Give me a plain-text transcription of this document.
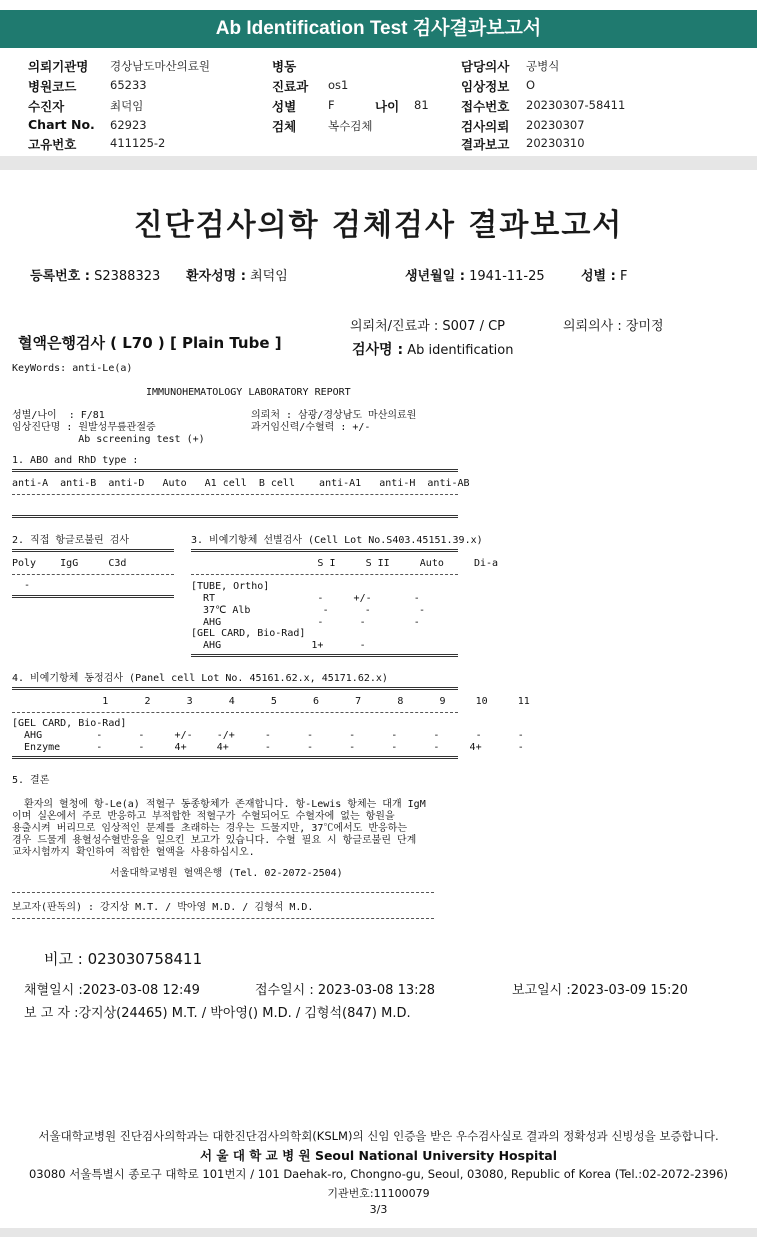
Ab Identification Test 검사결과보고서
의뢰기관명 경상남도마산의료원
병원코드	65233
수진자	최덕임
Chart No. 62923
고유번호	411125-2
병동
진료과 os1
성별	F	나이 81
검체	복수검체
담당의사 공병식
임상정보 O
접수번호 20230307-58411
검사의뢰 20230307
결과보고 20230310
진단검사의학 검체검사 결과보고서
등록번호 : S2388323 환자성명 : 최덕임	생년월일 : 1941-11-25	성별 : F
의뢰처/진료과 : S007 / CP	의뢰의사 : 장미정
혈액은행검사 ( L70 ) [ Plain Tube ]	검사명 : Ab identification
KeyWords: anti-Le(a)
IMMUNOHEMATOLOGY LABORATORY REPORT
성별/나이  : F/81
임상진단명 : 원발성무릎관절증
Ab screening test (+)
의뢰처 : 삼광/경상남도 마산의료원
과거임신력/수혈력 : +/-
1. ABO and RhD type :
anti-A  anti-B  anti-D   Auto   A1 cell  B cell    anti-A1   anti-H  anti-AB
2. 직접 항글로불린 검사
Poly    IgG     C3d
-
3. 비예기항체 선별검사 (Cell Lot No.S403.45151.39.x)
S I     S II     Auto     Di-a
[TUBE, Ortho]
RT                 -     +/-       -
37℃ Alb            -      -        -
AHG                -      -        -
[GEL CARD, Bio-Rad]
AHG               1+      -
4. 비예기항체 동정검사 (Panel cell Lot No. 45161.62.x, 45171.62.x)
1      2      3      4      5      6      7      8      9     10     11
[GEL CARD, Bio-Rad]
AHG         -      -     +/-    -/+     -      -      -      -      -      -      -
Enzyme      -      -     4+     4+      -      -      -      -      -     4+      -
5. 결론
환자의 혈청에 항-Le(a) 적혈구 동종항체가 존재합니다. 항-Lewis 항체는 대개 IgM
이며 실온에서 주로 반응하고 부적합한 적혈구가 수혈되어도 수혈자에 없는 항원을
용출시켜 버리므로 임상적인 문제를 초래하는 경우는 드물지만, 37℃에서도 반응하는
경우 드물게 용혈성수혈반응을 일으킨 보고가 있습니다. 수혈 필요 시 항글로불린 단계
교차시험까지 확인하여 적합한 혈액을 사용하십시오.
서울대학교병원 혈액은행 (Tel. 02-2072-2504)
보고자(판독의) : 강지상 M.T. / 박아영 M.D. / 김형석 M.D.
비고 : 023030758411
채혈일시 :2023-03-08 12:49	접수일시 : 2023-03-08 13:28	보고일시 :2023-03-09 15:20
보 고 자 :강지상(24465) M.T. / 박아영() M.D. / 김형석(847) M.D.
서울대학교병원 진단검사의학과는 대한진단검사의학회(KSLM)의 신임 인증을 받은 우수검사실로 결과의 정확성과 신빙성을 보증합니다.
서 울 대 학 교 병 원 Seoul National University Hospital
03080 서울특별시 종로구 대학로 101번지 / 101 Daehak-ro, Chongno-gu, Seoul, 03080, Republic of Korea (Tel.:02-2072-2396)
기관번호:11100079
3/3
